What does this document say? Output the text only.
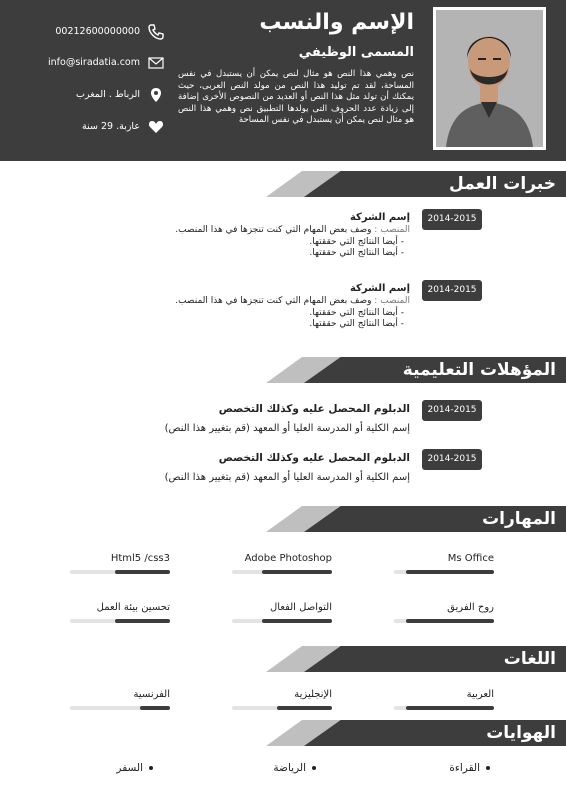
الإسم والنسب
المسمى الوظيفي
نص وهمي هذا النص هو مثال لنص يمكن أن يستبدل في نفس المساحة، لقد تم توليد هذا النص من مولد النص العربى، حيث يمكنك أن تولد مثل هذا النص أو العديد من النصوص الأخرى إضافة إلى زيادة عدد الحروف التى يولدها التطبيق نص وهمي هذا النص هو مثال لنص يمكن أن يستبدل في نفس المساحة
00212600000000
info@siradatia.com
الرباط . المغرب
عازبة. 29 سنة
خبرات العمل
2014-2015
إسم الشركة
المنصب : وصف بعض المهام التي كنت تنجزها في هذا المنصب.
- أيضا النتائج التي حققتها.
- أيضا النتائج التي حققتها.
2014-2015
إسم الشركة
المنصب : وصف بعض المهام التي كنت تنجزها في هذا المنصب.
- أيضا النتائج التي حققتها.
- أيضا النتائج التي حققتها.
المؤهلات التعليمية
2014-2015
الدبلوم المحصل عليه وكذلك التخصص
إسم الكلية أو المدرسة العليا أو المعهد (قم بتغيير هذا النص)
2014-2015
الدبلوم المحصل عليه وكذلك التخصص
إسم الكلية أو المدرسة العليا أو المعهد (قم بتغيير هذا النص)
المهارات
Ms Office
Adobe Photoshop
Html5 /css3
روح الفريق
التواصل الفعال
تحسين بيئة العمل
اللغات
العربية
الإنجليزية
الفرنسية
الهوايات
القراءة
الرياضة
السفر
